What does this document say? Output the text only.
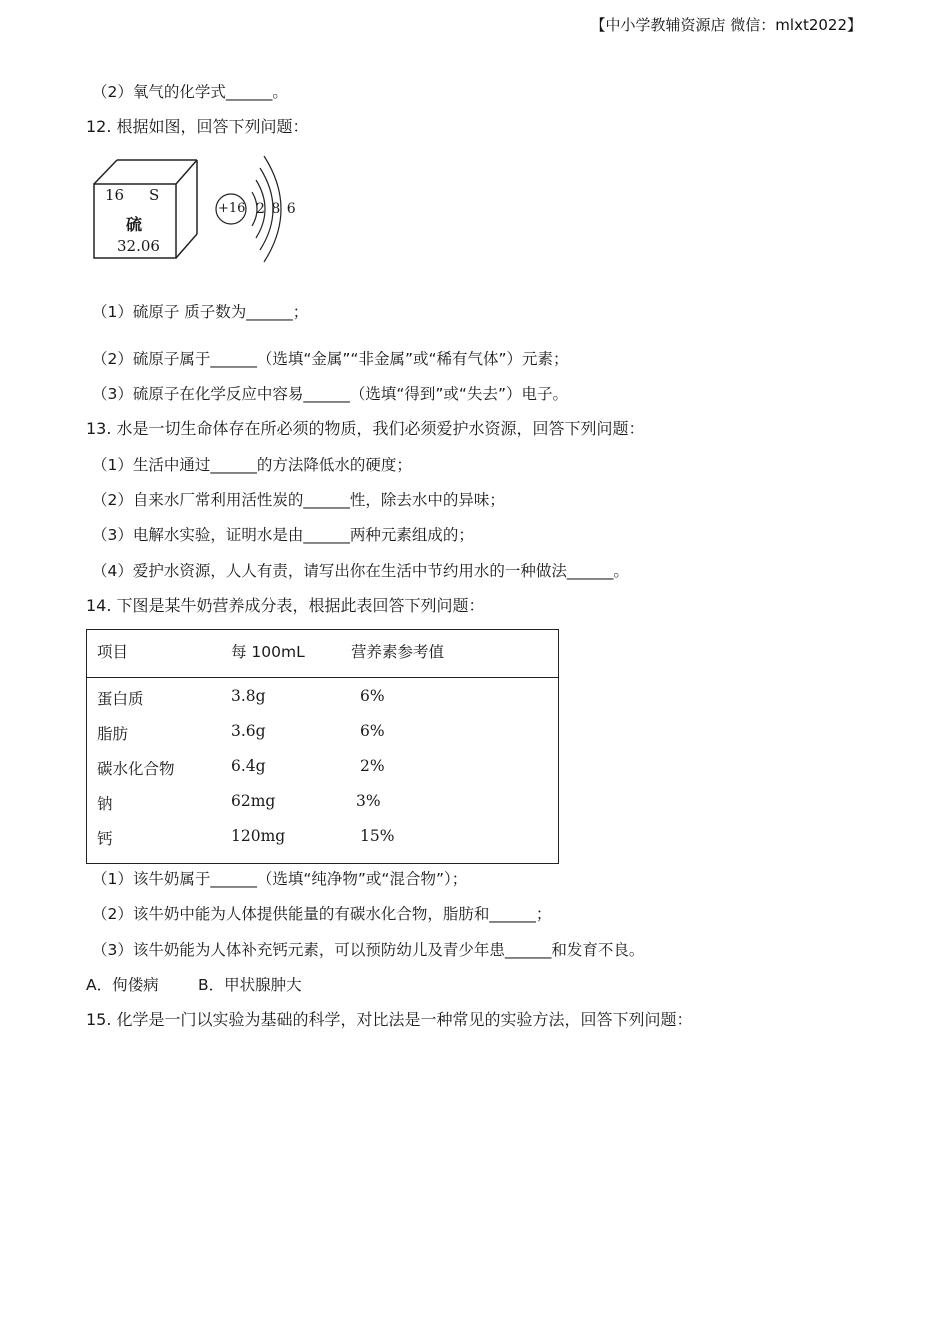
【中小学教辅资源店 微信：mlxt2022】
（2）氧气的化学式______。
12. 根据如图，回答下列问题：
16 S
硫
32.06
+16 2 8 6
（1）硫原子 质子数为______；
（2）硫原子属于______（选填“金属”“非金属”或“稀有气体”）元素；
（3）硫原子在化学反应中容易______（选填“得到”或“失去”）电子。
13. 水是一切生命体存在所必须的物质，我们必须爱护水资源，回答下列问题：
（1）生活中通过______的方法降低水的硬度；
（2）自来水厂常利用活性炭的______性，除去水中的异味；
（3）电解水实验，证明水是由______两种元素组成的；
（4）爱护水资源，人人有责，请写出你在生活中节约用水的一种做法______。
14. 下图是某牛奶营养成分表，根据此表回答下列问题：
项目	每 100mL	营养素参考值
蛋白质	3.8g	6%
脂肪	3.6g	6%
碳水化合物	6.4g	2%
钠	62mg	3%
钙	120mg	15%
（1）该牛奶属于______（选填“纯净物”或“混合物”）；
（2）该牛奶中能为人体提供能量的有碳水化合物，脂肪和______；
（3）该牛奶能为人体补充钙元素，可以预防幼儿及青少年患______和发育不良。
A．佝偻病        B．甲状腺肿大
15. 化学是一门以实验为基础的科学，对比法是一种常见的实验方法，回答下列问题：
